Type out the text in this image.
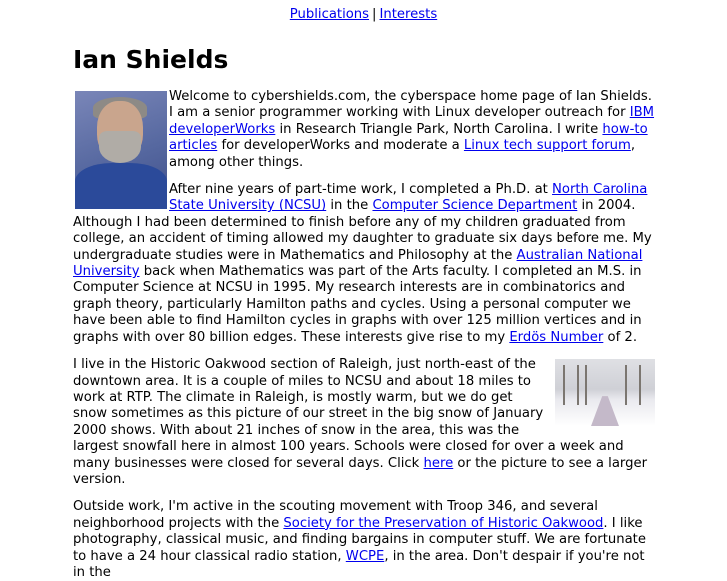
Publications | Interests
Ian Shields

Welcome to cybershields.com, the cyberspace home page of Ian Shields. I am a senior programmer working with Linux developer outreach for IBM developerWorks in Research Triangle Park, North Carolina. I write how-to articles for developerWorks and moderate a Linux tech support forum, among other things.

After nine years of part-time work, I completed a Ph.D. at North Carolina State University (NCSU) in the Computer Science Department in 2004. Although I had been determined to finish before any of my children graduated from college, an accident of timing allowed my daughter to graduate six days before me. My undergraduate studies were in Mathematics and Philosophy at the Australian National University back when Mathematics was part of the Arts faculty. I completed an M.S. in Computer Science at NCSU in 1995. My research interests are in combinatorics and graph theory, particularly Hamilton paths and cycles. Using a personal computer we have been able to find Hamilton cycles in graphs with over 125 million vertices and in graphs with over 80 billion edges. These interests give rise to my Erdös Number of 2.

I live in the Historic Oakwood section of Raleigh, just north-east of the downtown area. It is a couple of miles to NCSU and about 18 miles to work at RTP. The climate in Raleigh, is mostly warm, but we do get snow sometimes as this picture of our street in the big snow of January 2000 shows. With about 21 inches of snow in the area, this was the largest snowfall here in almost 100 years. Schools were closed for over a week and many businesses were closed for several days. Click here or the picture to see a larger version.

Outside work, I'm active in the scouting movement with Troop 346, and several neighborhood projects with the Society for the Preservation of Historic Oakwood. I like photography, classical music, and finding bargains in computer stuff. We are fortunate to have a 24 hour classical radio station, WCPE, in the area. Don't despair if you're not in the
